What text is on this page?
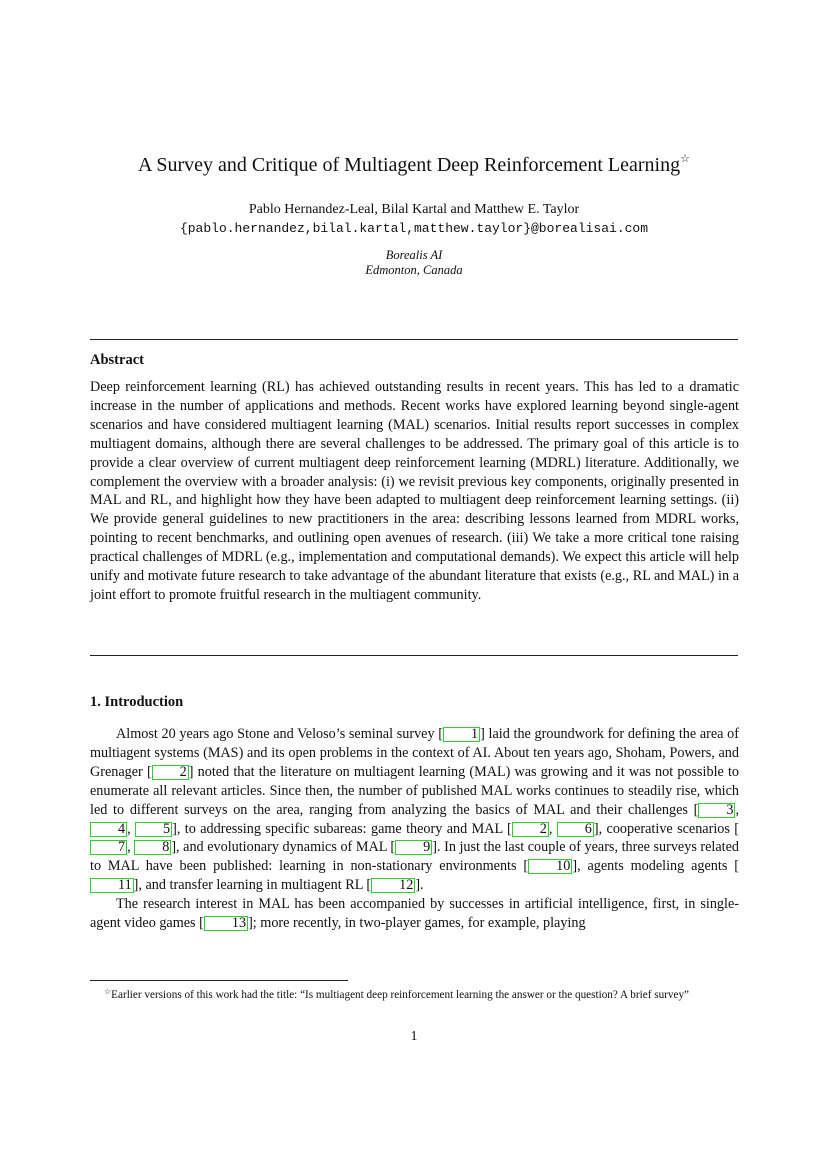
A Survey and Critique of Multiagent Deep Reinforcement Learning☆
Pablo Hernandez-Leal, Bilal Kartal and Matthew E. Taylor
{pablo.hernandez,bilal.kartal,matthew.taylor}@borealisai.com
Borealis AI
Edmonton, Canada
Abstract
Deep reinforcement learning (RL) has achieved outstanding results in recent years. This has led to a dramatic increase in the number of applications and methods. Recent works have explored learning beyond single-agent scenarios and have considered multiagent learning (MAL) scenarios. Initial results report successes in complex multiagent domains, although there are several challenges to be addressed. The primary goal of this article is to provide a clear overview of current multiagent deep reinforcement learning (MDRL) literature. Additionally, we complement the overview with a broader analysis: (i) we revisit previous key components, originally presented in MAL and RL, and highlight how they have been adapted to multiagent deep reinforcement learning settings. (ii) We provide general guidelines to new practitioners in the area: describing lessons learned from MDRL works, pointing to recent benchmarks, and outlining open avenues of research. (iii) We take a more critical tone raising practical challenges of MDRL (e.g., implementation and computational demands). We expect this article will help unify and motivate future research to take advantage of the abundant literature that exists (e.g., RL and MAL) in a joint effort to promote fruitful research in the multiagent community.
1. Introduction

Almost 20 years ago Stone and Veloso’s seminal survey [ 1 ] laid the groundwork for defining the area of multiagent systems (MAS) and its open problems in the context of AI. About ten years ago, Shoham, Powers, and Grenager [ 2 ] noted that the literature on multiagent learning (MAL) was growing and it was not possible to enumerate all relevant articles. Since then, the number of published MAL works continues to steadily rise, which led to different surveys on the area, ranging from analyzing the basics of MAL and their challenges [ 3 , 4 , 5 ], to addressing specific subareas: game theory and MAL [ 2 , 6 ], cooperative scenarios [7 , 8 ], and evolutionary dynamics of MAL [ 9 ]. In just the last couple of years, three surveys related to MAL have been published: learning in non-stationary environments [ 10 ], agents modeling agents [11 ], and transfer learning in multiagent RL [ 12 ].

The research interest in MAL has been accompanied by successes in artificial intelligence, first, in single-agent video games [ 13 ]; more recently, in two-player games, for example, playing

☆Earlier versions of this work had the title: “Is multiagent deep reinforcement learning the answer or the question? A brief survey”
1
